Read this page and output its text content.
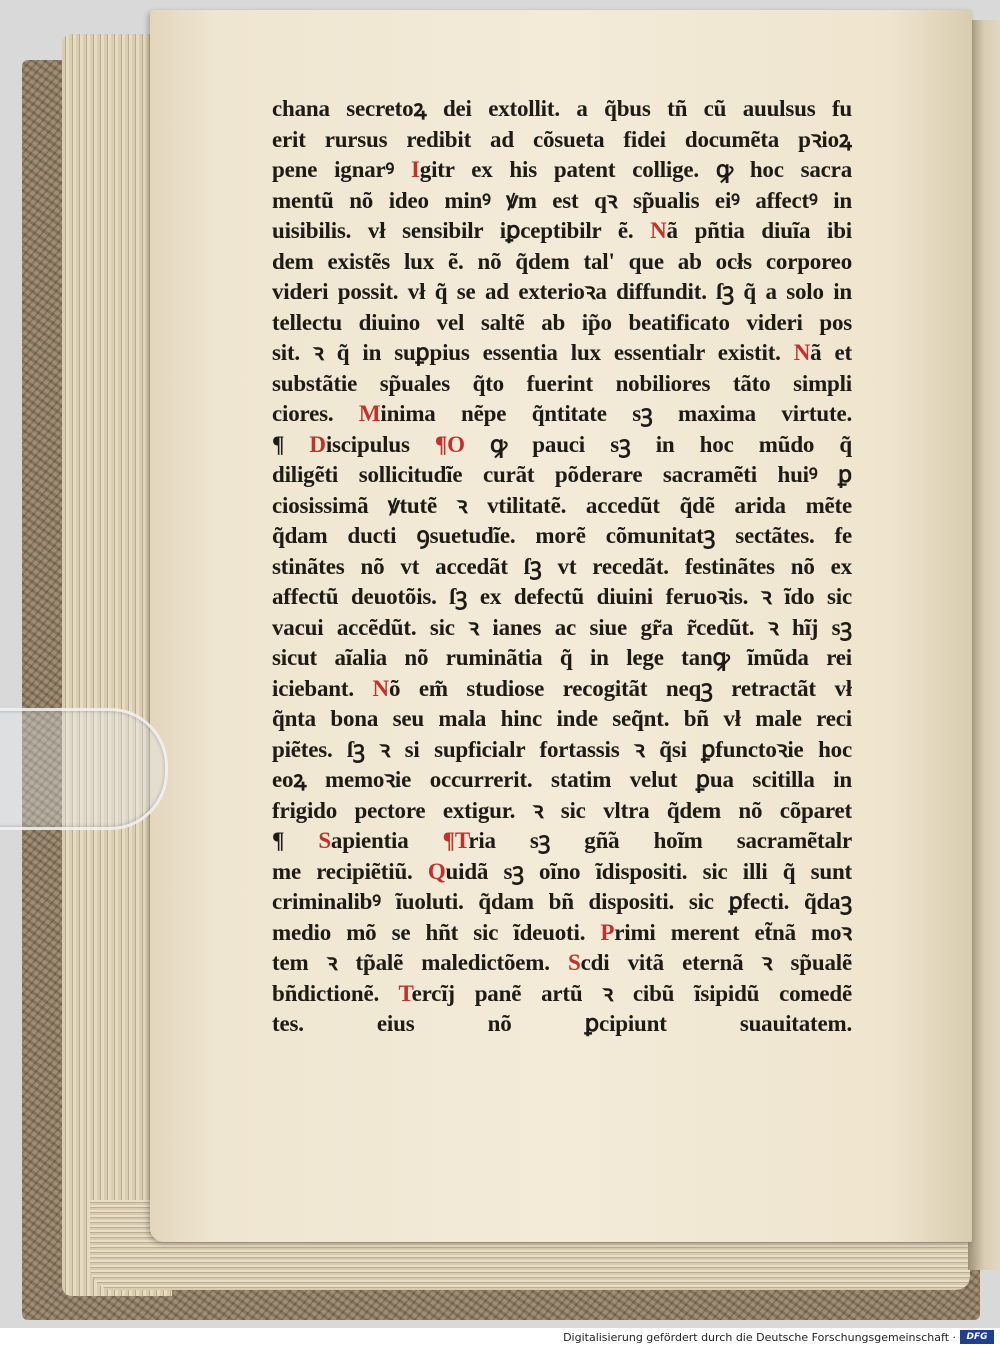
chana secretoꝝ dei extollit. a q̃bus tñ cũ auulsus fu
erit rursus redibit ad cõsueta fidei documẽta pꝛioꝝ
pene ignarꝰ Igitr ex his patent collige. ꝙ hoc sacra
mentũ nõ ideo minꝰ ꝟm est qꝛ sp̃ualis eiꝰ affectꝰ in
uisibilis. vł sensibilr iꝑceptibilr ẽ. Nã pñtia diuĩa ibi
dem existẽs lux ẽ. nõ q̃dem tal' que ab ocłs corporeo
videri possit. vł q̃ se ad exterioꝛa diffundit. ſꝫ q̃ a solo in
tellectu diuino vel saltẽ ab ip̃o beatificato videri pos
sit. ꝛ q̃ in suꝑpius essentia lux essentialr existit. Nã et
substãtie sp̃uales q̃to fuerint nobiliores tãto simpli
ciores. Minima nẽpe q̃ntitate sꝫ maxima virtute.
¶ Discipulus ¶O ꝙ pauci sꝫ in hoc mũdo q̃
diligẽti sollicitudĩe curãt põderare sacramẽti huiꝰ ꝑ
ciosissimã ꝟtutẽ ꝛ vtilitatẽ. accedũt q̃dẽ arida mẽte
q̃dam ducti ꝯsuetudĩe. morẽ cõmunitatꝫ sectãtes. fe
stinãtes nõ vt accedãt ſꝫ vt recedãt. festinãtes nõ ex
affectũ deuotõis. ſꝫ ex defectũ diuini feruoꝛis. ꝛ ĩdo sic
vacui accẽdũt. sic ꝛ ianes ac siue gr̃a r̃cedũt. ꝛ hĩj sꝫ
sicut aĩalia nõ ruminãtia q̃ in lege tanꝙ ĩmũda rei
iciebant. Nõ em̃ studiose recogitãt neqꝫ retractãt vł
q̃nta bona seu mala hinc inde seq̃nt. bñ vł male reci
piẽtes. ſꝫ ꝛ si supficialr fortassis ꝛ q̃si ꝑfunctoꝛie hoc
eoꝝ memoꝛie occurrerit. statim velut ꝑua scitilla in
frigido pectore extigur. ꝛ sic vltra q̃dem nõ cõparet
¶ Sapientia ¶Tria sꝫ gñ̃a hoĩm sacramẽtalr
me recipiẽtiũ. Quidã sꝫ oĩno ĩdispositi. sic illi q̃ sunt
criminalibꝰ ĩuoluti. q̃dam bñ dispositi. sic ꝑfecti. q̃daꝫ
medio mõ se hñt sic ĩdeuoti. Primi merent et̃nã moꝛ
tem ꝛ tp̃alẽ maledictõem. Scdi vitã eternã ꝛ sp̃ualẽ
bñdictionẽ. Tercĩj panẽ artũ ꝛ cibũ ĩsipidũ comedẽ
tes. eius nõ ꝑcipiunt suauitatem.
Digitalisierung gefördert durch die Deutsche Forschungsgemeinschaft ·	DFG
